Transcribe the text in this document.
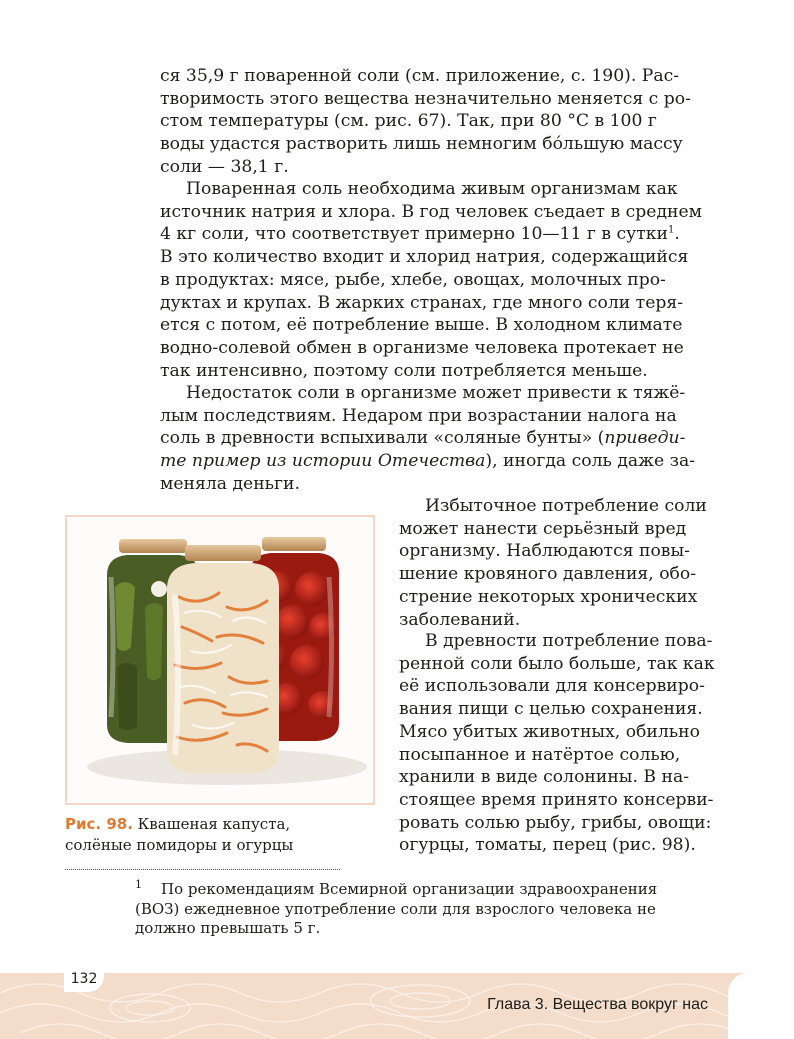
ся 35,9 г поваренной соли (см. приложение, с. 190). Рас-
творимость этого вещества незначительно меняется с ро-
стом температуры (см. рис. 67). Так, при 80 °С в 100 г
воды удастся растворить лишь немногим бо́льшую массу
соли — 38,1 г.

Поваренная соль необходима живым организмам как
источник натрия и хлора. В год человек съедает в среднем
4 кг соли, что соответствует примерно 10—11 г в сутки$^1$.
В это количество входит и хлорид натрия, содержащийся
в продуктах: мясе, рыбе, хлебе, овощах, молочных про-
дуктах и крупах. В жарких странах, где много соли теря-
ется с потом, её потребление выше. В холодном климате
водно-солевой обмен в организме человека протекает не
так интенсивно, поэтому соли потребляется меньше.

Недостаток соли в организме может привести к тяжё-
лым последствиям. Недаром при возрастании налога на
соль в древности вспыхивали «соляные бунты» (приведи-
те пример из истории Отечества), иногда соль даже за-
меняла деньги.

Избыточное потребление соли
может нанести серьёзный вред
организму. Наблюдаются повы-
шение кровяного давления, обо-
стрение некоторых хронических
заболеваний.

В древности потребление пова-
ренной соли было больше, так как
её использовали для консервиро-
вания пищи с целью сохранения.
Мясо убитых животных, обильно
посыпанное и натёртое солью,
хранили в виде солонины. В на-
стоящее время принято консерви-
ровать солью рыбу, грибы, овощи:
огурцы, томаты, перец (рис. 98).

Рис. 98. Квашеная капуста,
солёные помидоры и огурцы

1	По рекомендациям Всемирной организации здравоохранения
(ВОЗ) ежедневное употребление соли для взрослого человека не
должно превышать 5 г.

132
Глава 3. Вещества вокруг нас
